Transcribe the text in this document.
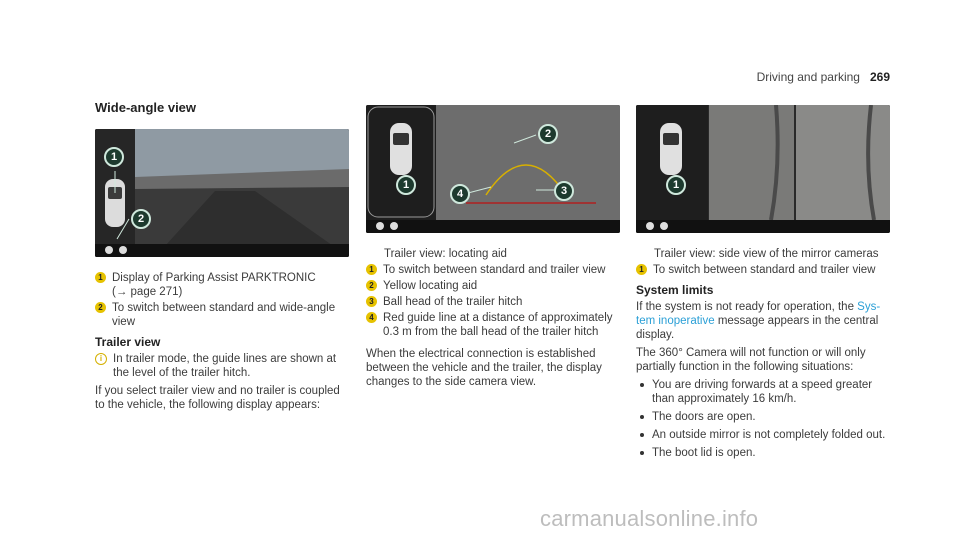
Driving and parking 269
Wide-angle view
1
2
1 Display of Parking Assist PARKTRONIC
(→ page 271)
2 To switch between standard and wide-angle
view
Trailer view
i In trailer mode, the guide lines are shown at
the level of the trailer hitch.

If you select trailer view and no trailer is coupled
to the vehicle, the following display appears:

1
2
3
4
Trailer view: locating aid
1 To switch between standard and trailer view
2 Yellow locating aid
3 Ball head of the trailer hitch
4 Red guide line at a distance of approximately
0.3 m from the ball head of the trailer hitch

When the electrical connection is established
between the vehicle and the trailer, the display
changes to the side camera view.

1
Trailer view: side view of the mirror cameras
1 To switch between standard and trailer view
System limits

If the system is not ready for operation, the Sys-
tem inoperative message appears in the central
display.

The 360° Camera will not function or will only
partially function in the following situations:

You are driving forwards at a speed greater
than approximately 16 km/h.
The doors are open.
An outside mirror is not completely folded out.
The boot lid is open.
carmanualsonline.info
